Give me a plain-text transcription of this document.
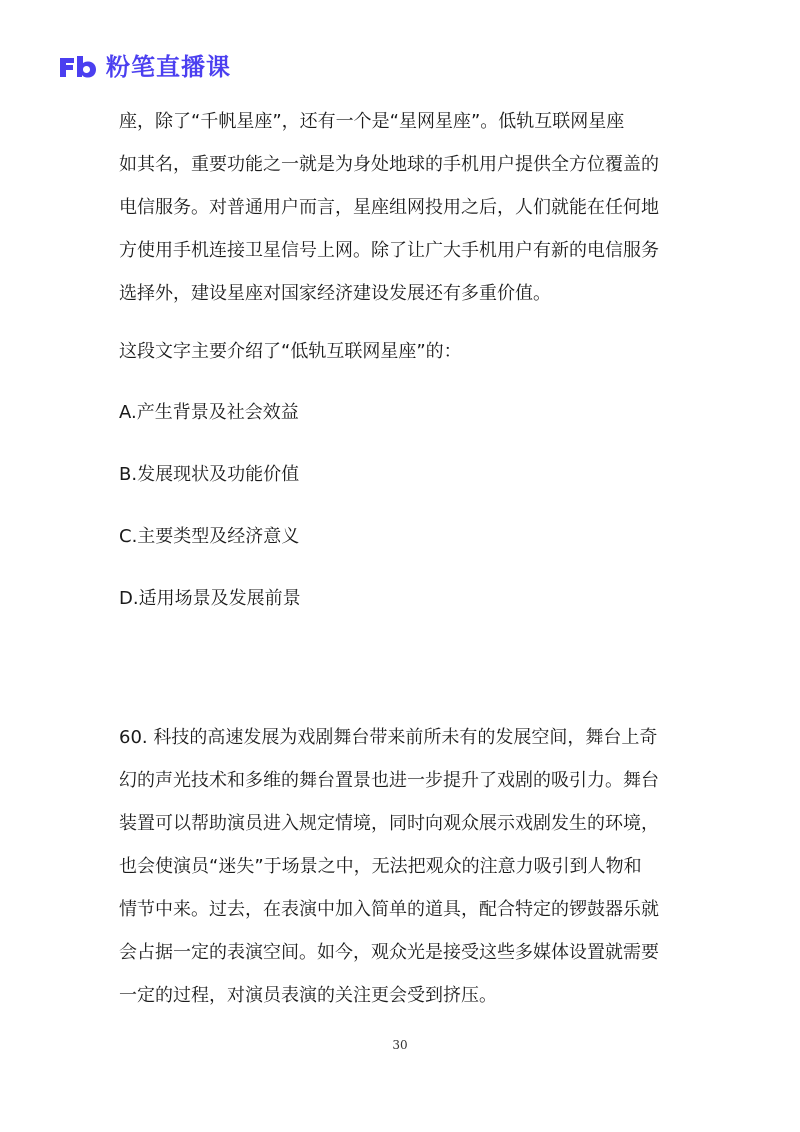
粉笔直播课

座，除了“千帆星座”，还有一个是“星网星座”。低轨互联网星座

如其名，重要功能之一就是为身处地球的手机用户提供全方位覆盖的

电信服务。对普通用户而言，星座组网投用之后，人们就能在任何地

方使用手机连接卫星信号上网。除了让广大手机用户有新的电信服务

选择外，建设星座对国家经济建设发展还有多重价值。

这段文字主要介绍了“低轨互联网星座”的：

A.产生背景及社会效益

B.发展现状及功能价值

C.主要类型及经济意义

D.适用场景及发展前景

60. 科技的高速发展为戏剧舞台带来前所未有的发展空间，舞台上奇

幻的声光技术和多维的舞台置景也进一步提升了戏剧的吸引力。舞台

装置可以帮助演员进入规定情境，同时向观众展示戏剧发生的环境，

也会使演员“迷失”于场景之中，无法把观众的注意力吸引到人物和

情节中来。过去，在表演中加入简单的道具，配合特定的锣鼓器乐就

会占据一定的表演空间。如今，观众光是接受这些多媒体设置就需要

一定的过程，对演员表演的关注更会受到挤压。

30
